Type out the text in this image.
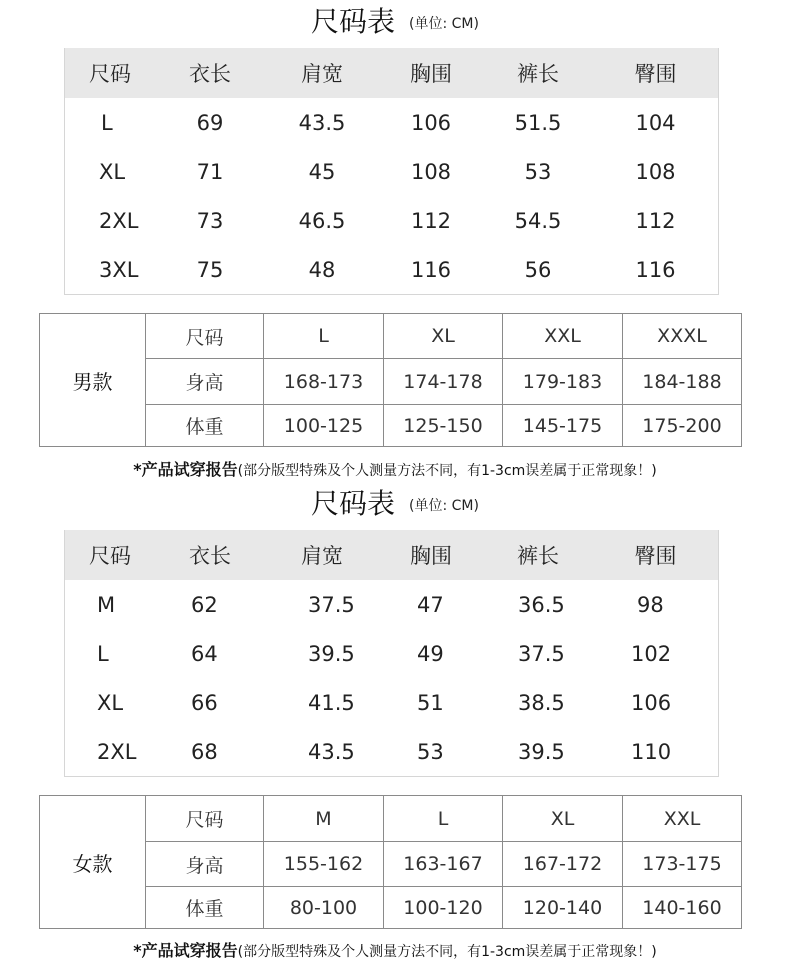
尺码表 (单位: CM)
尺码	衣长	肩宽	胸围	裤长	臀围
L	69	43.5	106	51.5	104
XL	71	45	108	53	108
2XL	73	46.5	112	54.5	112
3XL	75	48	116	56	116
男款	尺码	L	XL	XXL	XXXL
	身高	168-173	174-178	179-183	184-188
	体重	100-125	125-150	145-175	175-200
*产品试穿报告(部分版型特殊及个人测量方法不同，有1-3cm误差属于正常现象！)
尺码表 (单位: CM)
尺码	衣长	肩宽	胸围	裤长	臀围
M	62	37.5	47	36.5	98
L	64	39.5	49	37.5	102
XL	66	41.5	51	38.5	106
2XL	68	43.5	53	39.5	110
女款	尺码	M	L	XL	XXL
	身高	155-162	163-167	167-172	173-175
	体重	80-100	100-120	120-140	140-160
*产品试穿报告(部分版型特殊及个人测量方法不同，有1-3cm误差属于正常现象！)
